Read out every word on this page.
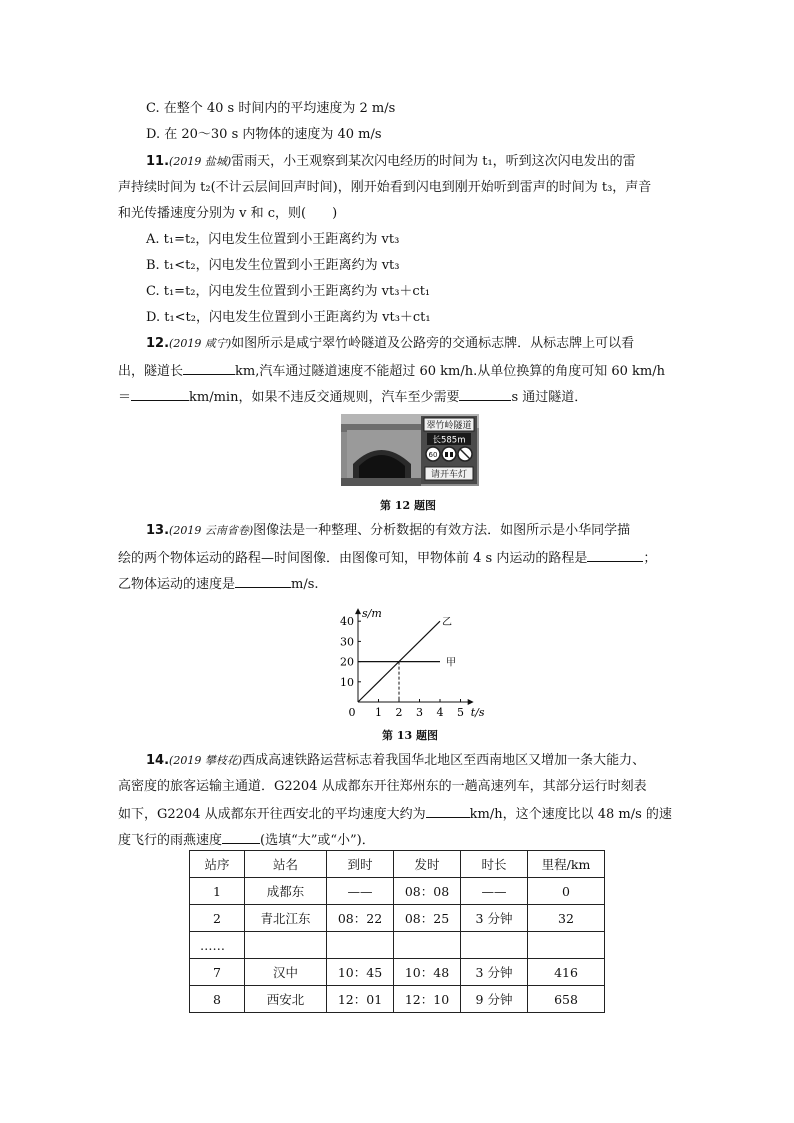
C. 在整个 40 s 时间内的平均速度为 2 m/s
D. 在 20～30 s 内物体的速度为 40 m/s
11.(2019 盐城)雷雨天，小王观察到某次闪电经历的时间为 t₁，听到这次闪电发出的雷
声持续时间为 t₂(不计云层间回声时间)，刚开始看到闪电到刚开始听到雷声的时间为 t₃，声音
和光传播速度分别为 v 和 c，则(　　)
A. t₁=t₂，闪电发生位置到小王距离约为 vt₃
B. t₁<t₂，闪电发生位置到小王距离约为 vt₃
C. t₁=t₂，闪电发生位置到小王距离约为 vt₃＋ct₁
D. t₁<t₂，闪电发生位置到小王距离约为 vt₃＋ct₁
12.(2019 咸宁)如图所示是咸宁翠竹岭隧道及公路旁的交通标志牌．从标志牌上可以看
出，隧道长	km,汽车通过隧道速度不能超过 60 km/h.从单位换算的角度可知 60 km/h
＝	km/min，如果不违反交通规则，汽车至少需要	s 通过隧道．
翠竹岭隧道
长585m
60
请开车灯
第 12 题图
13.(2019 云南省卷)图像法是一种整理、分析数据的有效方法．如图所示是小华同学描
绘的两个物体运动的路程—时间图像．由图像可知，甲物体前 4 s 内运动的路程是	；
乙物体运动的速度是	m/s.
t/s
s/m
0 1 2 3 4 5
10
20
30
40	乙
甲
第 13 题图
14.(2019 攀枝花)西成高速铁路运营标志着我国华北地区至西南地区又增加一条大能力、
高密度的旅客运输主通道．G2204 从成都东开往郑州东的一趟高速列车，其部分运行时刻表
如下，G2204 从成都东开往西安北的平均速度大约为	km/h，这个速度比以 48 m/s 的速
度飞行的雨燕速度	(选填“大”或“小”)．
站序	站名	到时	发时	时长	里程/km
1	成都东	——	08：08	——	0
2	青北江东	08：22	08：25	3 分钟	32
……					
7	汉中	10：45	10：48	3 分钟	416
8	西安北	12：01	12：10	9 分钟	658
